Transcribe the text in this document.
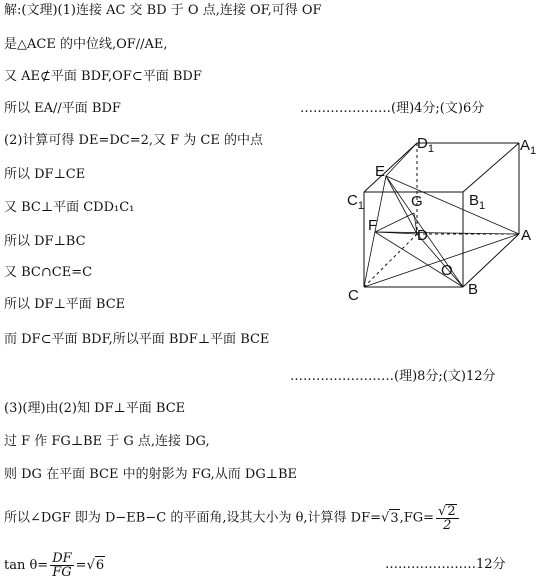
解:(文理)(1)连接 AC 交 BD 于 O 点,连接 OF,可得 OF
是△ACE 的中位线,OF//AE,
又 AE⊄平面 BDF,OF⊂平面 BDF
所以 EA//平面 BDF	…………………(理)4分;(文)6分
(2)计算可得 DE=DC=2,又 F 为 CE 的中点
所以 DF⊥CE
又 BC⊥平面 CDD₁C₁
所以 DF⊥BC
又 BC∩CE=C
所以 DF⊥平面 BCE
而 DF⊂平面 BDF,所以平面 BDF⊥平面 BCE
……………………(理)8分;(文)12分
(3)(理)由(2)知 DF⊥平面 BCE
过 F 作 FG⊥BE 于 G 点,连接 DG,
则 DG 在平面 BCE 中的射影为 FG,从而 DG⊥BE
所以∠DGF 即为 D−EB−C 的平面角,设其大小为 θ,计算得 $DF=√3,FG= \frac{√2}{2}$
$\tan \theta= \frac{DF}{FG} =√6$	…………………12分
$D_1$	$A_1$
E
$C_1$	G	$B_1$
F
D	A
O
C	B
